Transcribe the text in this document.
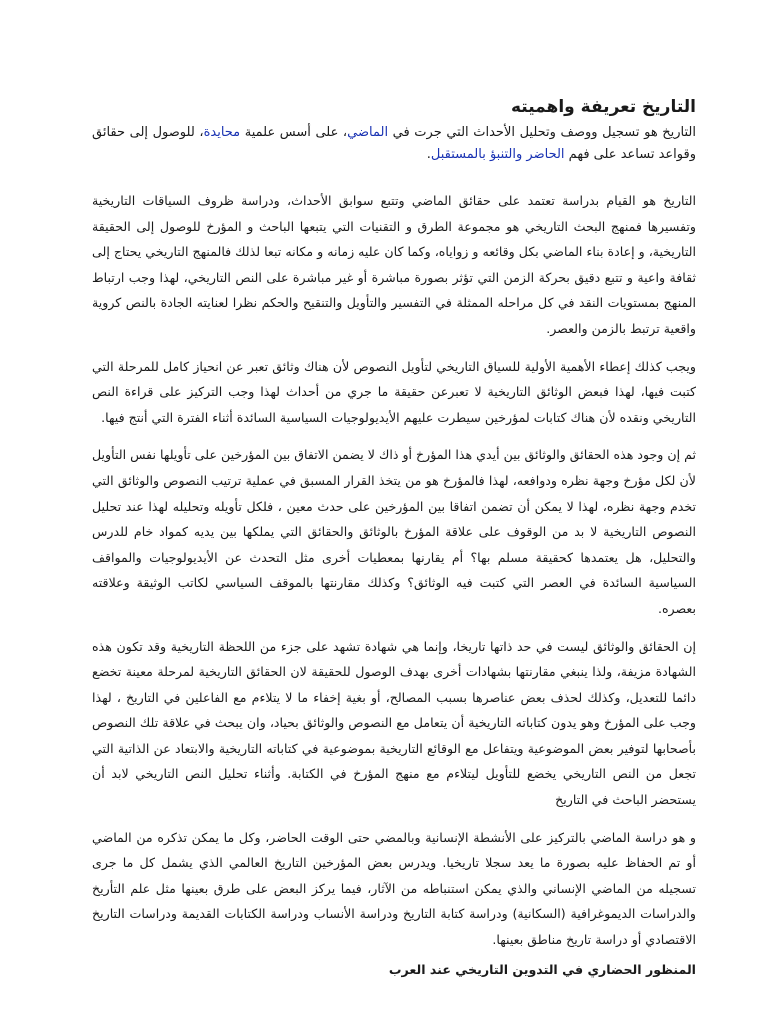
التاريخ تعريفة واهميته

التاريخ هو تسجيل ووصف وتحليل الأحداث التي جرت في الماضي، على أسس علمية محايدة، للوصول إلى حقائق وقواعد تساعد على فهم الحاضر والتنبؤ بالمستقبل.

التاريخ هو القيام بدراسة تعتمد على حقائق الماضي وتتبع سوابق الأحداث، ودراسة ظروف السياقات التاريخية وتفسيرها فمنهج البحث التاريخي هو مجموعة الطرق و التقنيات التي يتبعها الباحث و المؤرخ للوصول إلى الحقيقة التاريخية، و إعادة بناء الماضي بكل وقائعه و زواياه، وكما كان عليه زمانه و مكانه تبعا لذلك فالمنهج التاريخي يحتاج إلى ثقافة واعية و تتبع دقيق بحركة الزمن التي تؤثر بصورة مباشرة أو غير مباشرة على النص التاريخي، لهذا وجب ارتباط المنهج بمستويات النقد في كل مراحله الممثلة في التفسير والتأويل والتنقيح والحكم نظرا لعنايته الجادة بالنص كروية واقعية ترتبط بالزمن والعصر.

ويجب كذلك إعطاء الأهمية الأولية للسياق التاريخي لتأويل النصوص لأن هناك وثائق تعبر عن انحياز كامل للمرحلة التي كتبت فيها، لهذا فبعض الوثائق التاريخية لا تعبرعن حقيقة ما جري من أحداث لهذا وجب التركيز على قراءة النص التاريخي ونقده لأن هناك كتابات لمؤرخين سيطرت عليهم الأيديولوجيات السياسية السائدة أثناء الفترة التي أنتج فيها.

ثم إن وجود هذه الحقائق والوثائق بين أيدي هذا المؤرخ أو ذاك لا يضمن الاتفاق بين المؤرخين على تأويلها نفس التأويل لأن لكل مؤرخ وجهة نظره ودوافعه، لهذا فالمؤرخ هو من يتخذ القرار المسبق في عملية ترتيب النصوص والوثائق التي تخدم وجهة نظره، لهذا لا يمكن أن تضمن اتفاقا بين المؤرخين على حدث معين ، فلكل تأويله وتحليله لهذا عند تحليل النصوص التاريخية لا بد من الوقوف على علاقة المؤرخ بالوثائق والحقائق التي يملكها بين يديه كمواد خام للدرس والتحليل، هل يعتمدها كحقيقة مسلم بها؟ أم يقارنها بمعطيات أخرى مثل التحدث عن الأيديولوجيات والمواقف السياسية السائدة في العصر التي كتبت فيه الوثائق؟ وكذلك مقارنتها بالموقف السياسي لكاتب الوثيقة وعلاقته بعصره.

إن الحقائق والوثائق ليست في حد ذاتها تاريخا، وإنما هي شهادة تشهد على جزء من اللحظة التاريخية وقد تكون هذه الشهادة مزيفة، ولذا ينبغي مقارنتها بشهادات أخرى بهدف الوصول للحقيقة لان الحقائق التاريخية لمرحلة معينة تخضع دائما للتعديل، وكذلك لحذف بعض عناصرها بسبب المصالح، أو بغية إخفاء ما لا يتلاءم مع الفاعلين في التاريخ ، لهذا وجب على المؤرخ وهو يدون كتاباته التاريخية أن يتعامل مع النصوص والوثائق بحياد، وان يبحث في علاقة تلك النصوص بأصحابها لتوفير بعض الموضوعية ويتفاعل مع الوقائع التاريخية بموضوعية في كتاباته التاريخية والابتعاد عن الذاتية التي تجعل من النص التاريخي يخضع للتأويل ليتلاءم مع منهج المؤرخ في الكتابة. وأثناء تحليل النص التاريخي لابد أن يستحضر الباحث في التاريخ

و هو دراسة الماضي بالتركيز على الأنشطة الإنسانية وبالمضي حتى الوقت الحاضر، وكل ما يمكن تذكره من الماضي أو تم الحفاظ عليه بصورة ما يعد سجلا تاريخيا. ويدرس بعض المؤرخين التاريخ العالمي الذي يشمل كل ما جرى تسجيله من الماضي الإنساني والذي يمكن استنباطه من الآثار، فيما يركز البعض على طرق بعينها مثل علم التأريخ والدراسات الديموغرافية (السكانية) ودراسة كتابة التاريخ ودراسة الأنساب ودراسة الكتابات القديمة ودراسات التاريخ الاقتصادي أو دراسة تاريخ مناطق بعينها.

المنظور الحضاري في التدوين التاريخي عند العرب
